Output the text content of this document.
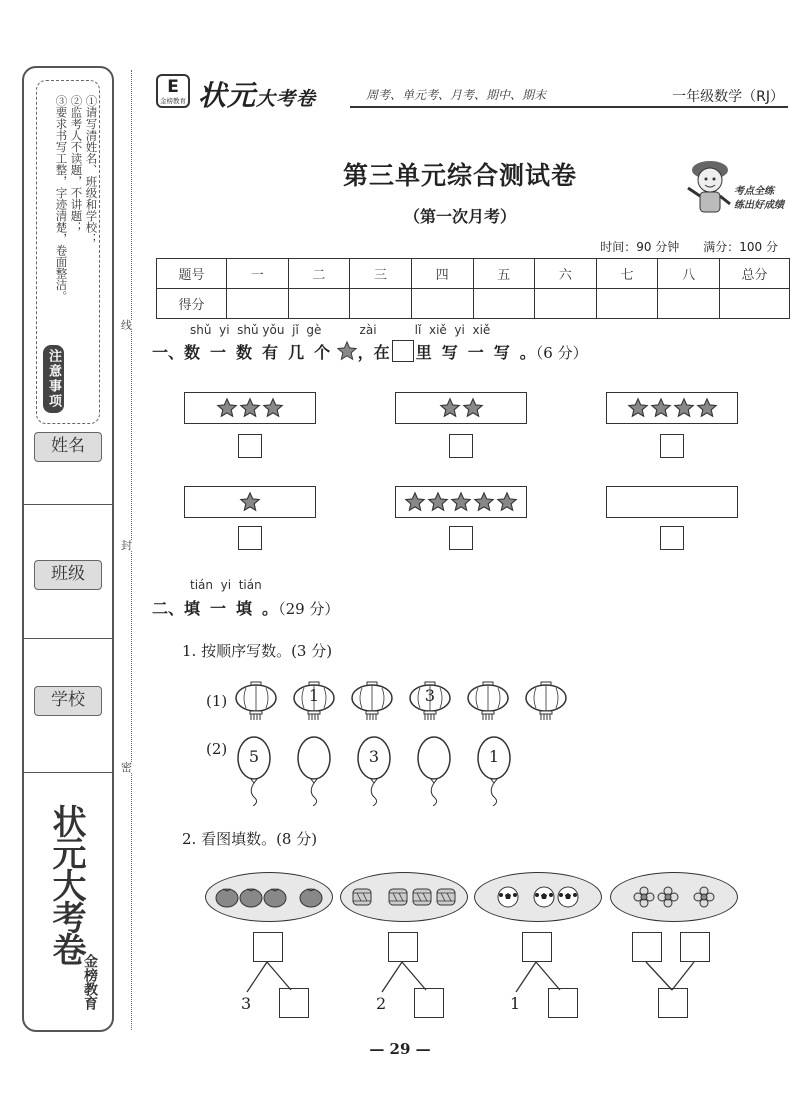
①请写清姓名、班级和学校；
②监考人不读题，不讲题；
③要求书写工整，字迹清楚，卷面整洁。
注意事项
姓名
班级
学校
状元大考卷
金榜教育
线
封
密
E
金榜教育 状元大考卷	周考、单元考、月考、期中、期末	一年级数学（RJ）
第三单元综合测试卷
（第一次月考）
考点全练
练出好成绩
时间：90 分钟　　满分：100 分
题号	一	二	三	四	五	六	七	八	总分
得分									
shǔ  yi  shǔ yǒu  jǐ  gè          zài          lǐ  xiě  yi  xiě
一、数 一 数 有 几 个 ，在 里 写 一 写 。（6 分）
tián  yi  tián
二、填 一 填 。（29 分）
1. 按顺序写数。(3 分)
(1)	1	3
(2)	5	3	1
2. 看图填数。(8 分)
3	2	1
— 29 —
